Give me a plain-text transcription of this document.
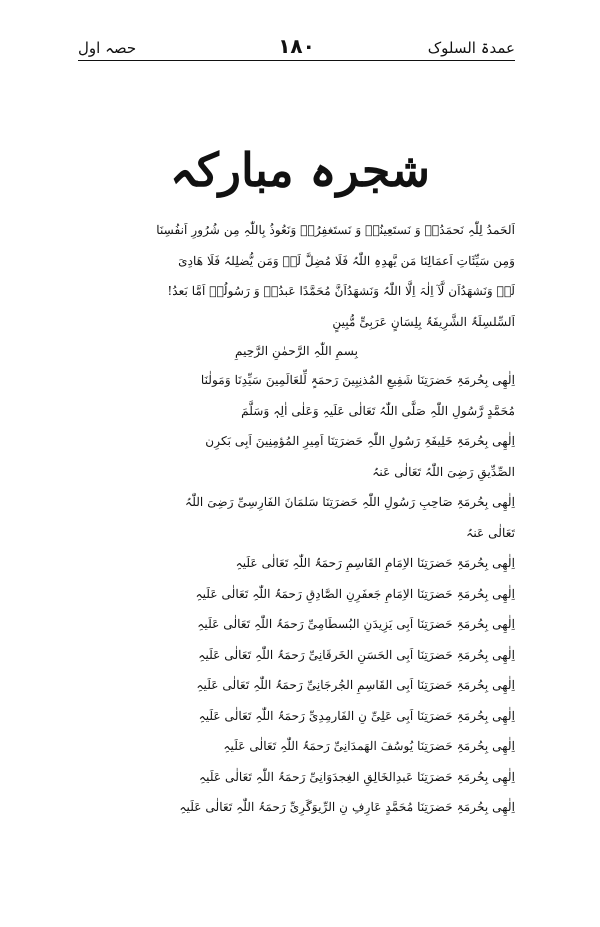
عمدۃ السلوک
۱۸۰
حصہ اول
شجرہ مبارکہ
اَلحَمدُ لِلّٰہِ نَحمَدُہٗ وَ نَستَعِینُہٗ وَ نَستَغفِرُہٗ وَنَعُوذُ بِاللّٰہِ مِن شُرُورِ اَنفُسِنَا
وَمِن سَیِّئَاتِ اَعمَالِنَا مَن یَّھدِہِ اللّٰہُ فَلَا مُضِلَّ لَہٗ وَمَن یُّضلِلہُ فَلَا ھَادِیَ
لَہٗ وَنَشھَدُاَن لَّآ اِلٰہَ اِلَّا اللّٰہُ وَنَشھَدُاَنَّ مُحَمَّدًا عَبدُہٗ وَ رَسُولُہٗ اَمَّا بَعدُ!
اَلسِّلسِلَۃُ الشَّرِیفَۃُ بِلِسَانٍ عَرَبِیٍّ مُّبِینٍ
بِسمِ اللّٰہِ الرَّحمٰنِ الرَّحِیمِ
اِلٰھِی بِحُرمَۃِ حَضرَتِنَا شَفِیعِ المُذنِبِینَ رَحمَۃٍ لِّلعَالَمِینَ سَیِّدِنَا وَمَولٰنَا
مُحَمَّدٍ رَّسُولِ اللّٰہِ صَلَّی اللّٰہُ تَعَالٰی عَلَیہِ وَعَلٰی اٰلِہٖ وَسَلَّمَ
اِلٰھِی بِحُرمَۃِ خَلِیفَۃِ رَسُولِ اللّٰہِ حَضرَتِنَا اَمِیرِ المُؤمِنِینَ اَبِی بَکرِن
الصِّدِّیقِ رَضِیَ اللّٰہُ تَعَالٰی عَنہُ
اِلٰھِی بِحُرمَۃِ صَاحِبِ رَسُولِ اللّٰہِ حَضرَتِنَا سَلمَانَ الفَارِسِیِّ رَضِیَ اللّٰہُ
تَعَالٰی عَنہُ
اِلٰھِی بِحُرمَۃِ حَضرَتِنَا الاِمَامِ القَاسِمِ رَحمَۃُ اللّٰہِ تَعَالٰی عَلَیہِ
اِلٰھِی بِحُرمَۃِ حَضرَتِنَا الاِمَامِ جَعفَرِنِ الصَّادِقِ رَحمَۃُ اللّٰہِ تَعَالٰی عَلَیہِ
اِلٰھِی بِحُرمَۃِ حَضرَتِنَا اَبِی یَزِیدَنِ البُسطَامِیِّ رَحمَۃُ اللّٰہِ تَعَالٰی عَلَیہِ
اِلٰھِی بِحُرمَۃِ حَضرَتِنَا اَبِی الحَسَنِ الخَرقَانِیِّ رَحمَۃُ اللّٰہِ تَعَالٰی عَلَیہِ
اِلٰھِی بِحُرمَۃِ حَضرَتِنَا اَبِی القَاسِمِ الجُرجَانِیِّ رَحمَۃُ اللّٰہِ تَعَالٰی عَلَیہِ
اِلٰھِی بِحُرمَۃِ حَضرَتِنَا اَبِی عَلِیِّ نِ الفَارمِدِیِّ رَحمَۃُ اللّٰہِ تَعَالٰی عَلَیہِ
اِلٰھِی بِحُرمَۃِ حَضرَتِنَا یُوسُفَ الھَمدَانِیِّ رَحمَۃُ اللّٰہِ تَعَالٰی عَلَیہِ
اِلٰھِی بِحُرمَۃِ حَضرَتِنَا عَبدِالخَالِقِ الغِجدَوَانِیِّ رَحمَۃُ اللّٰہِ تَعَالٰی عَلَیہِ
اِلٰھِی بِحُرمَۃِ حَضرَتِنَا مُحَمَّدٍ عَارِفِ نِ الرِّیوَگَرِیِّ رَحمَۃُ اللّٰہِ تَعَالٰی عَلَیہِ
